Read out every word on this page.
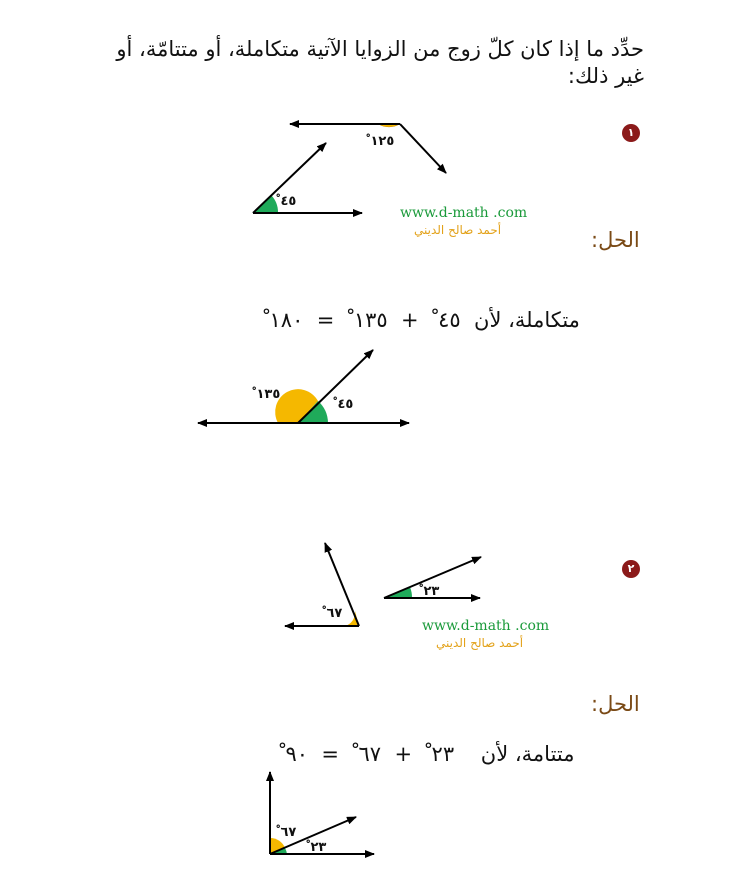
حدِّد ما إذا كان كلّ زوج من الزوايا الآتية متكاملة، أو متتامّة، أو غير ذلك:
١
١٢٥ ْ
٤٥ ْ
www.d-math .com
أحمد صالح الديني	الحل:

متكاملة، لأن  ٤٥ ْ  +  ١٣٥ ْ  =  ١٨٠ ْ

١٣٥ ْ
٤٥ ْ
٢
٦٧ ْ
٢٣ ْ
www.d-math .com
أحمد صالح الديني
الحل:

متتامة، لأن    ٢٣ ْ  +  ٦٧ ْ  =  ٩٠ ْ

٦٧ ْ
٢٣ ْ
